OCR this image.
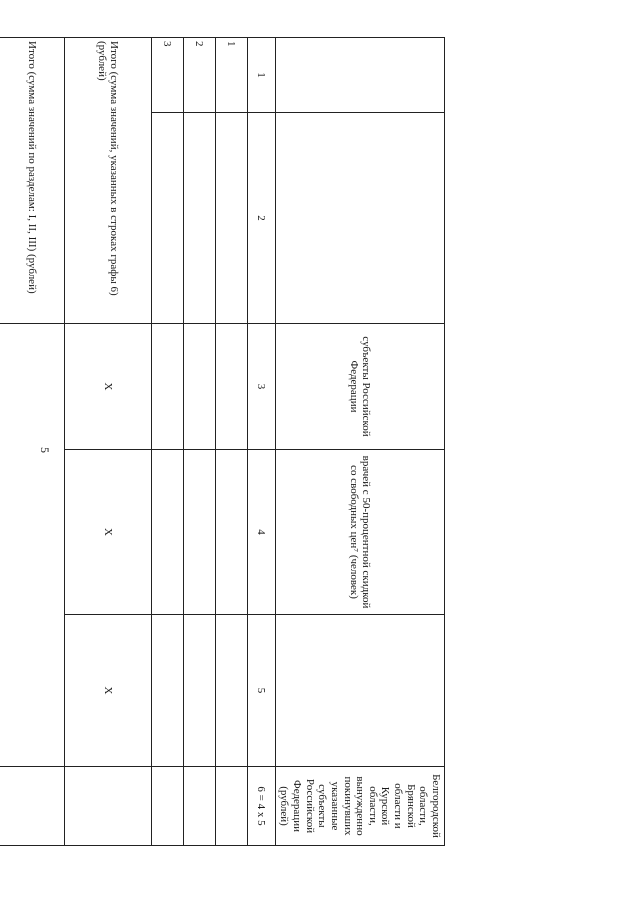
5
		субъекты Российской Федерации	врачей с 50-процентной скидкой со свободных цен⁷ (человек)		Белгородской области, Брянской области и Курской области, вынужденно покинувших указанные субъекты Российской Федерации (рублей)
1	2	3	4	5	6 = 4 x 5
1					
2					
3					
Итого (сумма значений, указанных в строках графы 6) (рублей)		X	X	X	
Итого (сумма значений по разделам: I, II, III) (рублей)					
